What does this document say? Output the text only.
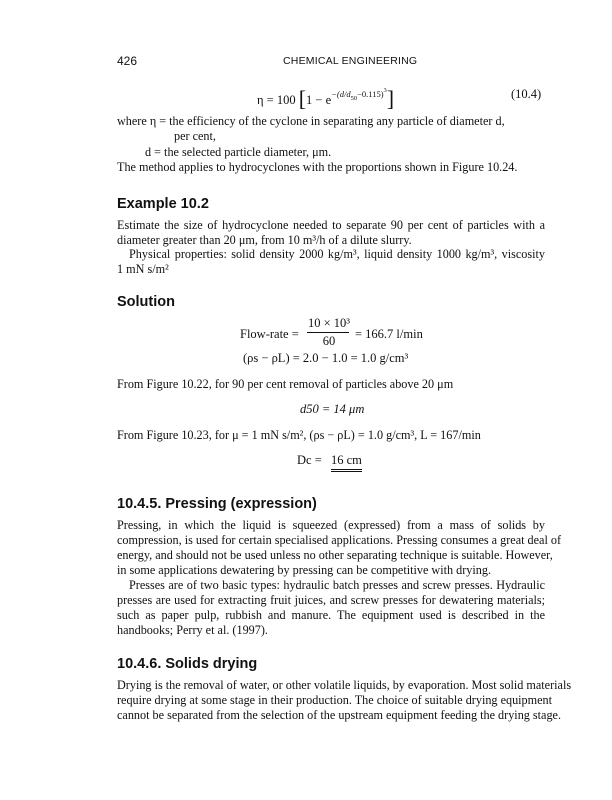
426	CHEMICAL ENGINEERING
η = 100 $[1 - e^{-(d/d_{50}-0.115)^3}]$	(10.4)
where η = the efficiency of the cyclone in separating any particle of diameter d,
per cent,
d = the selected particle diameter, μm.
The method applies to hydrocyclones with the proportions shown in Figure 10.24.
Example 10.2
Estimate the size of hydrocyclone needed to separate 90 per cent of particles with a
diameter greater than 20 μm, from 10 m³/h of a dilute slurry.
Physical properties: solid density 2000 kg/m³, liquid density 1000 kg/m³, viscosity
1 mN s/m²
Solution
Flow-rate =
10 × 10³
60	= 166.7 l/min
(ρs − ρL) = 2.0 − 1.0 = 1.0 g/cm³
From Figure 10.22, for 90 per cent removal of particles above 20 μm
d50 = 14 μm
From Figure 10.23, for μ = 1 mN s/m², (ρs − ρL) = 1.0 g/cm³, L = 167/min
Dc = 16 cm
10.4.5. Pressing (expression)
Pressing, in which the liquid is squeezed (expressed) from a mass of solids by
compression, is used for certain specialised applications. Pressing consumes a great deal of
energy, and should not be used unless no other separating technique is suitable. However,
in some applications dewatering by pressing can be competitive with drying.
Presses are of two basic types: hydraulic batch presses and screw presses. Hydraulic
presses are used for extracting fruit juices, and screw presses for dewatering materials;
such as paper pulp, rubbish and manure. The equipment used is described in the
handbooks; Perry et al. (1997).
10.4.6. Solids drying
Drying is the removal of water, or other volatile liquids, by evaporation. Most solid materials
require drying at some stage in their production. The choice of suitable drying equipment
cannot be separated from the selection of the upstream equipment feeding the drying stage.
